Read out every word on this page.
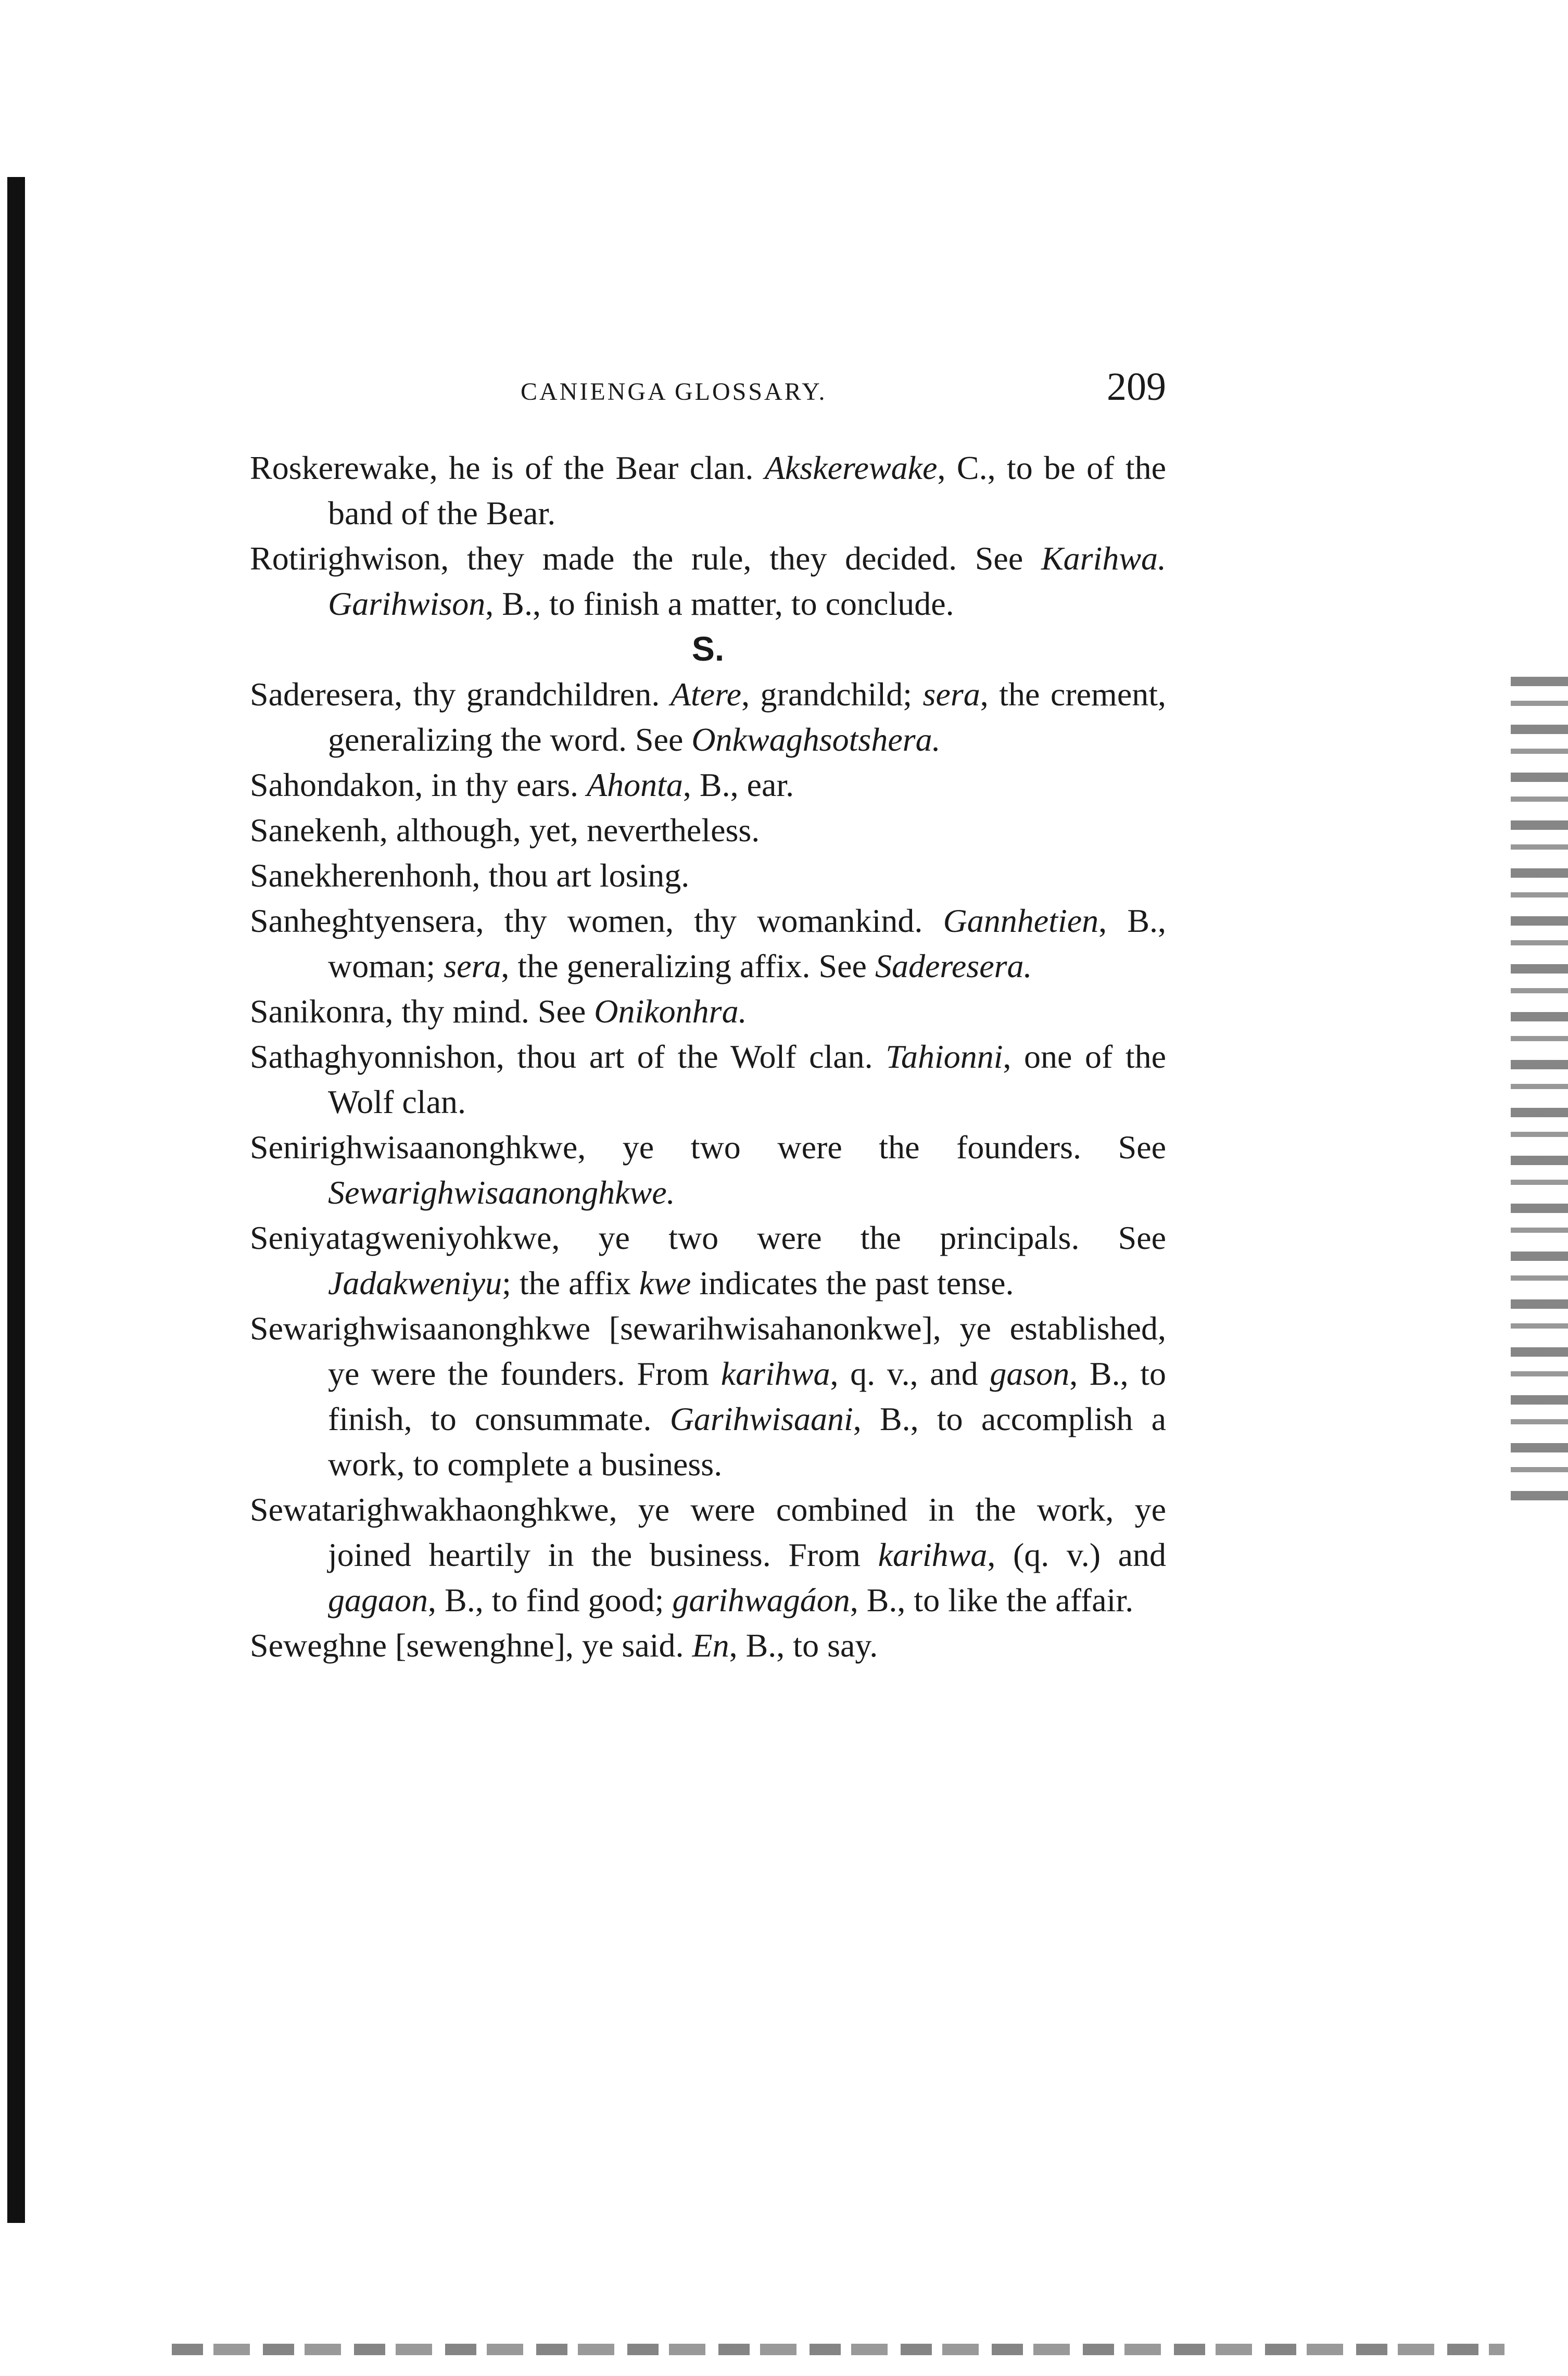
CANIENGA GLOSSARY.	209

Roskerewake, he is of the Bear clan. Akskerewake, C., to be of the band of the Bear.

Rotirighwison, they made the rule, they decided. See Karihwa. Garihwison, B., to finish a matter, to conclude.

S.

Saderesera, thy grandchildren. Atere, grandchild; sera, the crement, generalizing the word. See Onkwaghsotshera.

Sahondakon, in thy ears. Ahonta, B., ear.

Sanekenh, although, yet, nevertheless.

Sanekherenhonh, thou art losing.

Sanheghtyensera, thy women, thy womankind. Gannhetien, B., woman; sera, the generalizing affix. See Saderesera.

Sanikonra, thy mind. See Onikonhra.

Sathaghyonnishon, thou art of the Wolf clan. Tahionni, one of the Wolf clan.

Senirighwisaanonghkwe, ye two were the founders. See Sewarighwisaanonghkwe.

Seniyatagweniyohkwe, ye two were the principals. See Jadakweniyu; the affix kwe indicates the past tense.

Sewarighwisaanonghkwe [sewarihwisahanonkwe], ye established, ye were the founders. From karihwa, q. v., and gason, B., to finish, to consummate. Garihwisaani, B., to accomplish a work, to complete a business.

Sewatarighwakhaonghkwe, ye were combined in the work, ye joined heartily in the business. From karihwa, (q. v.) and gagaon, B., to find good; garihwagáon, B., to like the affair.

Seweghne [sewenghne], ye said. En, B., to say.
